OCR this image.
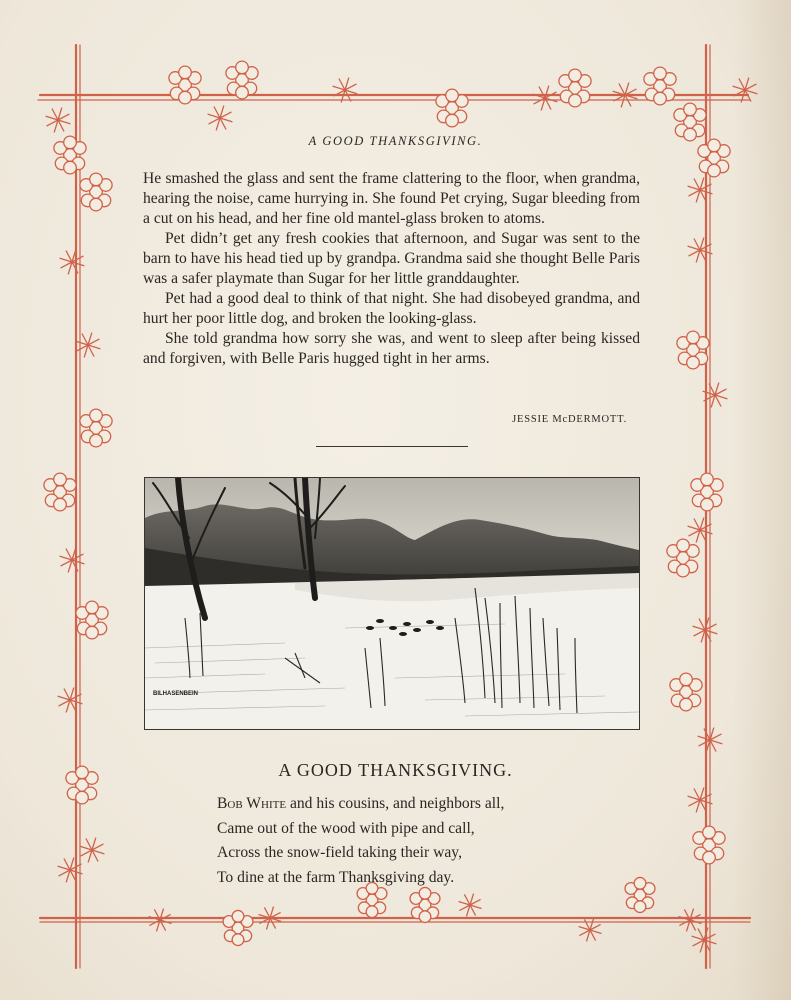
A GOOD THANKSGIVING.

He smashed the glass and sent the frame clattering to the floor, when grandma, hearing the noise, came hurrying in. She found Pet crying, Sugar bleeding from a cut on his head, and her fine old mantel-glass broken to atoms.

Pet didn’t get any fresh cookies that afternoon, and Sugar was sent to the barn to have his head tied up by grandpa. Grandma said she thought Belle Paris was a safer playmate than Sugar for her little granddaughter.

Pet had a good deal to think of that night. She had disobeyed grandma, and hurt her poor little dog, and broken the looking-glass.

She told grandma how sorry she was, and went to sleep after being kissed and forgiven, with Belle Paris hugged tight in her arms.

JESSIE McDERMOTT.
BILHASENBEIN
A GOOD THANKSGIVING.
Bob White and his cousins, and neighbors all,
Came out of the wood with pipe and call,
Across the snow-field taking their way,
To dine at the farm Thanksgiving day.
